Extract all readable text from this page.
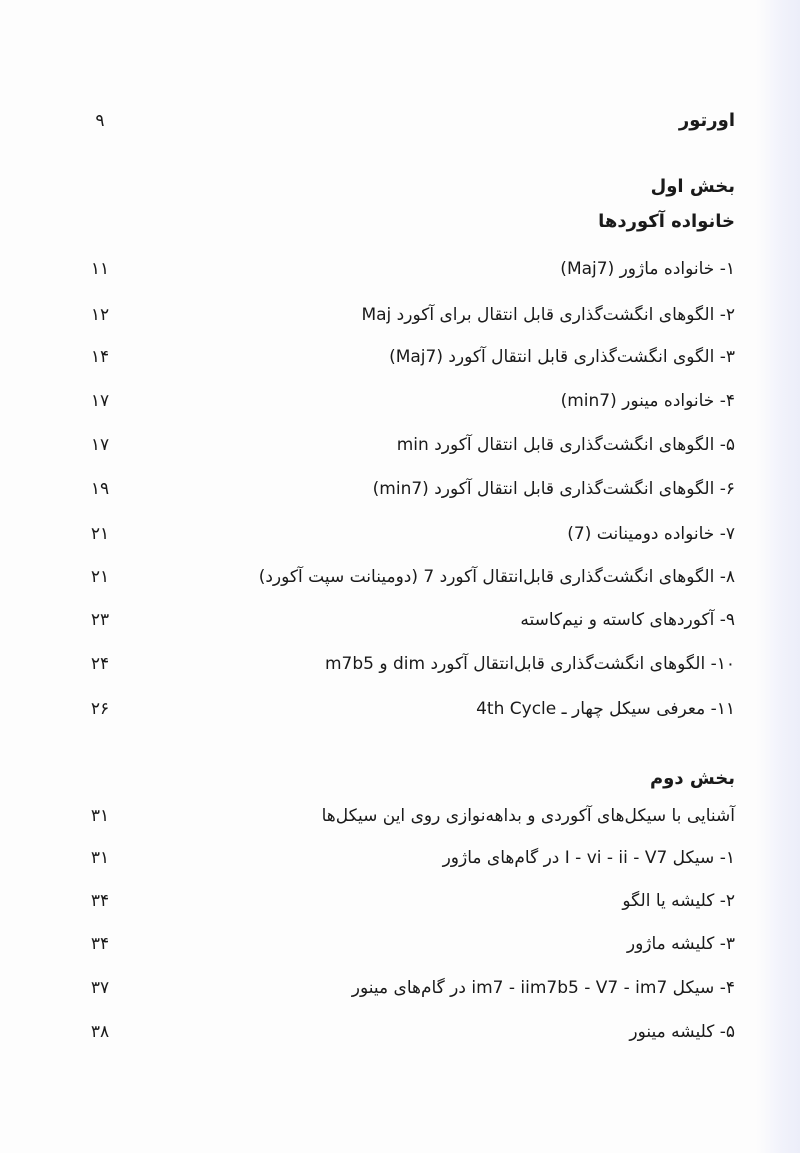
اورتور
۹
بخش اول
خانواده آکوردها
۱- خانواده ماژور (Maj7)
۱۱
۲- الگوهای انگشت‌گذاری قابل انتقال برای آکورد Maj
۱۲
۳- الگوی انگشت‌گذاری قابل انتقال آکورد (Maj7)
۱۴
۴- خانواده مینور (min7)
۱۷
۵- الگوهای انگشت‌گذاری قابل انتقال آکورد min
۱۷
۶- الگوهای انگشت‌گذاری قابل انتقال آکورد (min7)
۱۹
۷- خانواده دومینانت (7)
۲۱
۸- الگوهای انگشت‌گذاری قابل‌انتقال آکورد 7 (دومینانت سپت آکورد)
۲۱
۹- آکوردهای کاسته و نیم‌کاسته
۲۳
۱۰- الگوهای انگشت‌گذاری قابل‌انتقال آکورد dim و m7b5
۲۴
۱۱- معرفی سیکل چهار ـ 4th Cycle
۲۶
بخش دوم
آشنایی با سیکل‌های آکوردی و بداهه‌نوازی روی این سیکل‌ها
۳۱
۱- سیکل I - vi - ii - V7 در گام‌های ماژور
۳۱
۲- کلیشه یا الگو
۳۴
۳- کلیشه ماژور
۳۴
۴- سیکل im7 - iim7b5 - V7 - im7 در گام‌های مینور
۳۷
۵- کلیشه مینور
۳۸
